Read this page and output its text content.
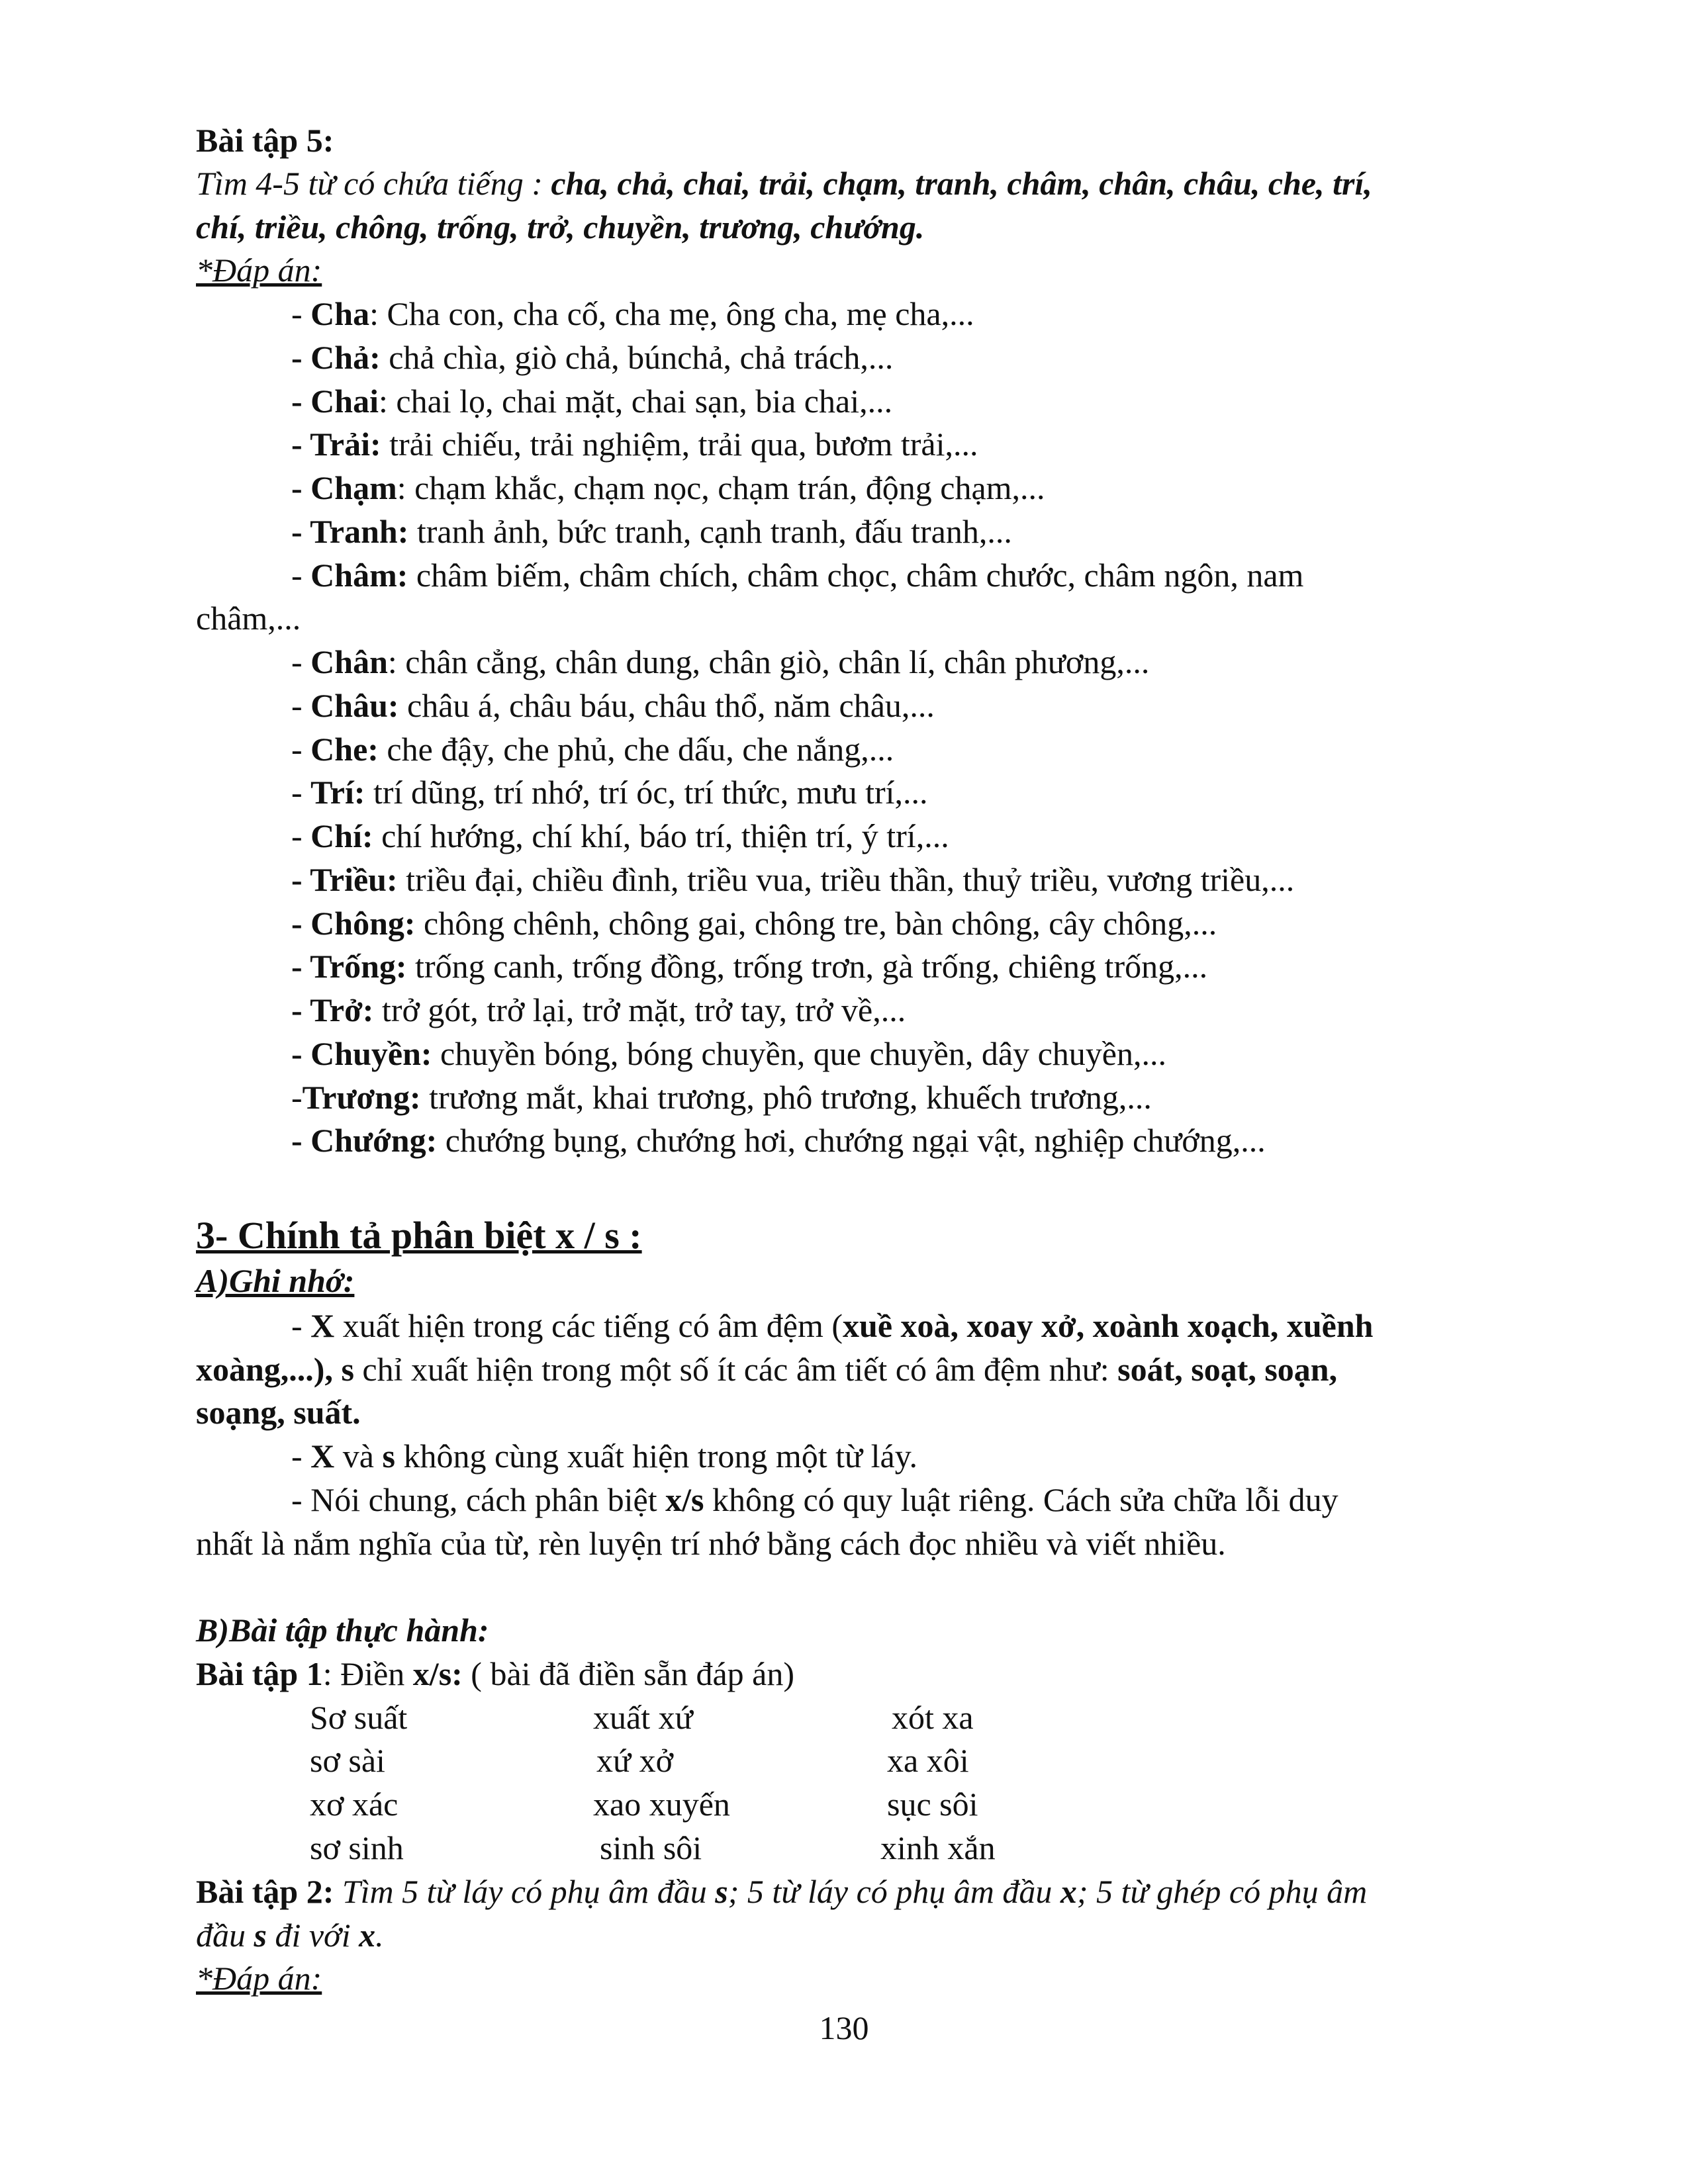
Bài tập 5:
Tìm 4-5 từ có chứa tiếng : cha, chả, chai, trải, chạm, tranh, châm, chân, châu, che, trí,
chí, triều, chông, trống, trở, chuyền, trương, chướng.
*Đáp án:
- Cha: Cha con, cha cố, cha mẹ, ông cha, mẹ cha,...
- Chả: chả chìa, giò chả, búnchả, chả trách,...
- Chai: chai lọ, chai mặt, chai sạn, bia chai,...
- Trải: trải chiếu, trải nghiệm, trải qua, bươm trải,...
- Chạm: chạm khắc, chạm nọc, chạm trán, động chạm,...
- Tranh: tranh ảnh, bức tranh, cạnh tranh, đấu tranh,...
- Châm: châm biếm, châm chích, châm chọc, châm chước, châm ngôn, nam
châm,...
- Chân: chân cẳng, chân dung, chân giò, chân lí, chân phương,...
- Châu: châu á, châu báu, châu thổ, năm châu,...
- Che: che đậy, che phủ, che dấu, che nắng,...
- Trí: trí dũng, trí nhớ, trí óc, trí thức, mưu trí,...
- Chí: chí hướng, chí khí, báo trí, thiện trí, ý trí,...
- Triều: triều đại, chiều đình, triều vua, triều thần, thuỷ triều, vương triều,...
- Chông: chông chênh, chông gai, chông tre, bàn chông, cây chông,...
- Trống: trống canh, trống đồng, trống trơn, gà trống, chiêng trống,...
- Trở: trở gót, trở lại, trở mặt, trở tay, trở về,...
- Chuyền: chuyền bóng, bóng chuyền, que chuyền, dây chuyền,...
-Trương: trương mắt, khai trương, phô trương, khuếch trương,...
- Chướng: chướng bụng, chướng hơi, chướng ngại vật, nghiệp chướng,...
3- Chính tả phân biệt x / s :
A)Ghi nhớ:
- X xuất hiện trong các tiếng có âm đệm (xuề xoà, xoay xở, xoành xoạch, xuềnh
xoàng,...), s chỉ xuất hiện trong một số ít các âm tiết có âm đệm như: soát, soạt, soạn,
soạng, suất.
- X và s không cùng xuất hiện trong một từ láy.
- Nói chung, cách phân biệt x/s không có quy luật riêng. Cách sửa chữa lỗi duy
nhất là nắm nghĩa của từ, rèn luyện trí nhớ bằng cách đọc nhiều và viết nhiều.
B)Bài tập thực hành:
Bài tập 1: Điền x/s: ( bài đã điền sẵn đáp án)
Sơ suất	xuất xứ	xót xa
sơ sài	xứ xở	xa xôi
xơ xác	xao xuyến	sục sôi
sơ sinh	sinh sôi	xinh xắn
Bài tập 2: Tìm 5 từ láy có phụ âm đầu s; 5 từ láy có phụ âm đầu x; 5 từ ghép có phụ âm
đầu s đi với x.
*Đáp án:
130
